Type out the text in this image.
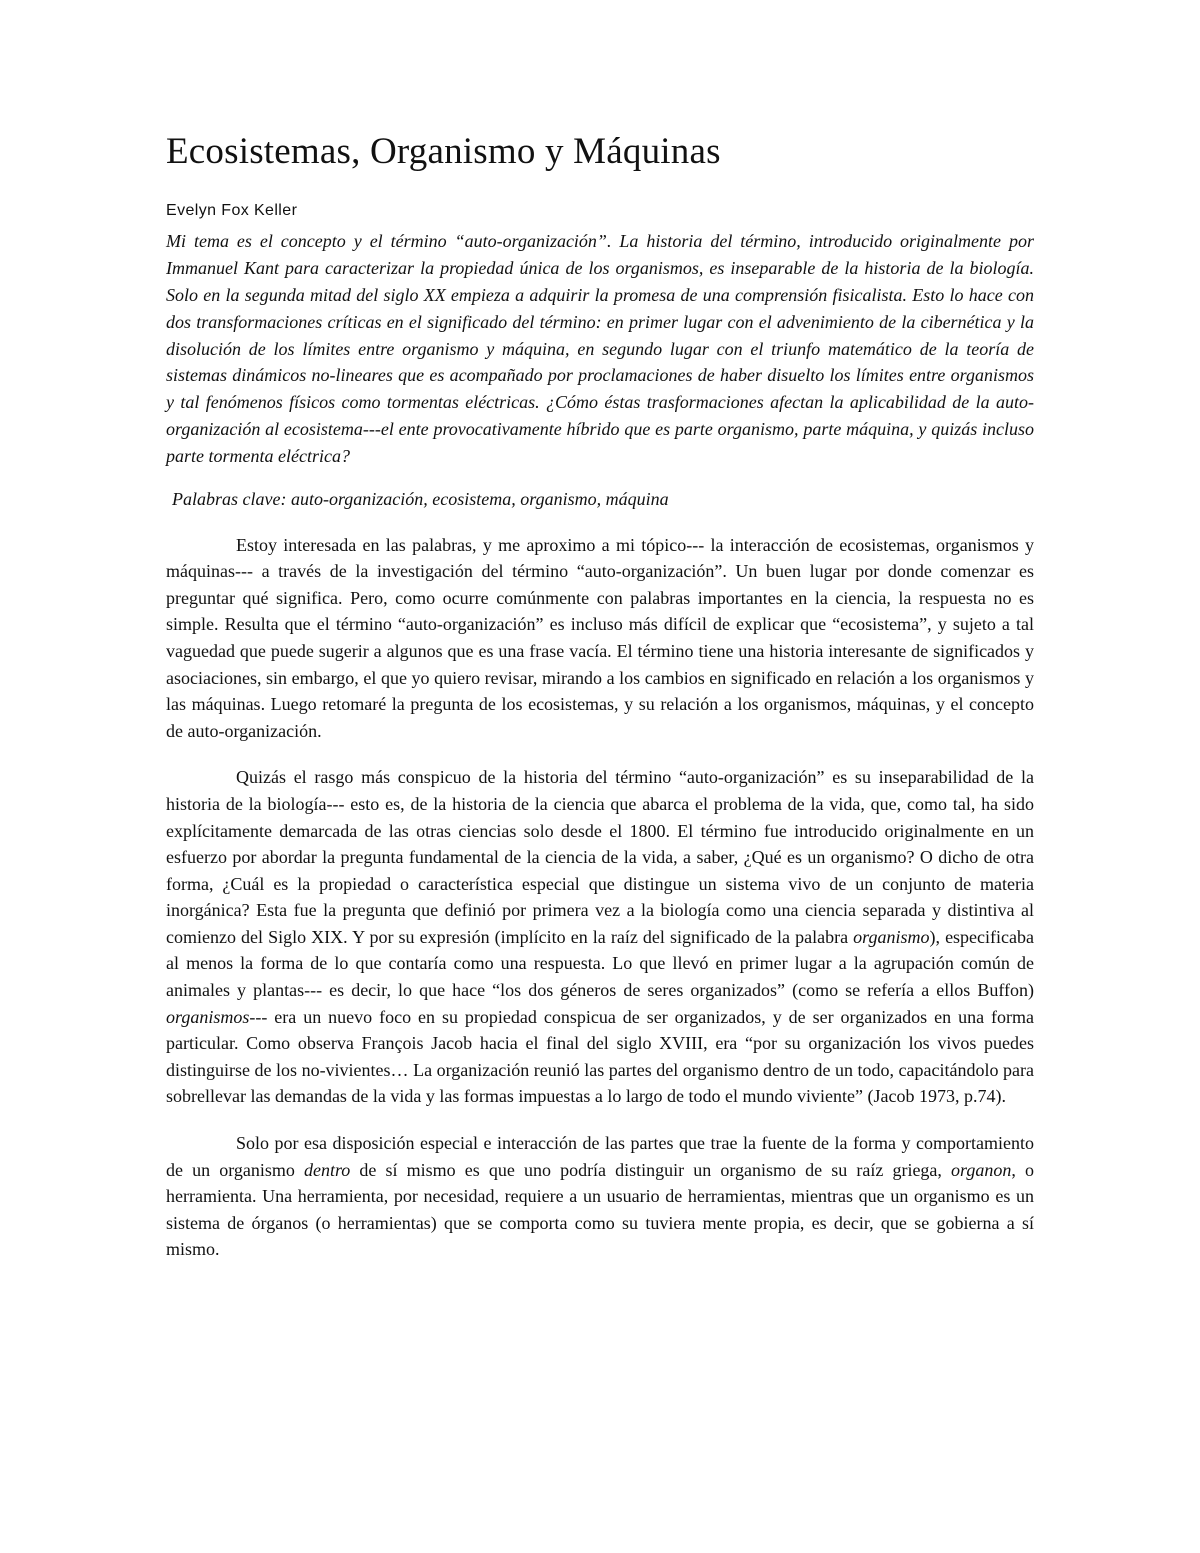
Ecosistemas, Organismo y Máquinas
Evelyn Fox Keller
Mi tema es el concepto y el término “auto-organización”. La historia del término, introducido originalmente por Immanuel Kant para caracterizar la propiedad única de los organismos, es inseparable de la historia de la biología. Solo en la segunda mitad del siglo XX empieza a adquirir la promesa de una comprensión fisicalista. Esto lo hace con dos transformaciones críticas en el significado del término: en primer lugar con el advenimiento de la cibernética y la disolución de los límites entre organismo y máquina, en segundo lugar con el triunfo matemático de la teoría de sistemas dinámicos no-lineares que es acompañado por proclamaciones de haber disuelto los límites entre organismos y tal fenómenos físicos como tormentas eléctricas. ¿Cómo éstas trasformaciones afectan la aplicabilidad de la auto-organización al ecosistema---el ente provocativamente híbrido que es parte organismo, parte máquina, y quizás incluso parte tormenta eléctrica?
Palabras clave: auto-organización, ecosistema, organismo, máquina

Estoy interesada en las palabras, y me aproximo a mi tópico--- la interacción de ecosistemas, organismos y máquinas--- a través de la investigación del término “auto-organización”. Un buen lugar por donde comenzar es preguntar qué significa. Pero, como ocurre comúnmente con palabras importantes en la ciencia, la respuesta no es simple. Resulta que el término “auto-organización” es incluso más difícil de explicar que “ecosistema”, y sujeto a tal vaguedad que puede sugerir a algunos que es una frase vacía. El término tiene una historia interesante de significados y asociaciones, sin embargo, el que yo quiero revisar, mirando a los cambios en significado en relación a los organismos y las máquinas. Luego retomaré la pregunta de los ecosistemas, y su relación a los organismos, máquinas, y el concepto de auto-organización.

Quizás el rasgo más conspicuo de la historia del término “auto-organización” es su inseparabilidad de la historia de la biología--- esto es, de la historia de la ciencia que abarca el problema de la vida, que, como tal, ha sido explícitamente demarcada de las otras ciencias solo desde el 1800. El término fue introducido originalmente en un esfuerzo por abordar la pregunta fundamental de la ciencia de la vida, a saber, ¿Qué es un organismo? O dicho de otra forma, ¿Cuál es la propiedad o característica especial que distingue un sistema vivo de un conjunto de materia inorgánica? Esta fue la pregunta que definió por primera vez a la biología como una ciencia separada y distintiva al comienzo del Siglo XIX. Y por su expresión (implícito en la raíz del significado de la palabra organismo), especificaba al menos la forma de lo que contaría como una respuesta. Lo que llevó en primer lugar a la agrupación común de animales y plantas--- es decir, lo que hace “los dos géneros de seres organizados” (como se refería a ellos Buffon) organismos--- era un nuevo foco en su propiedad conspicua de ser organizados, y de ser organizados en una forma particular. Como observa François Jacob hacia el final del siglo XVIII, era “por su organización los vivos puedes distinguirse de los no-vivientes… La organización reunió las partes del organismo dentro de un todo, capacitándolo para sobrellevar las demandas de la vida y las formas impuestas a lo largo de todo el mundo viviente” (Jacob 1973, p.74).

Solo por esa disposición especial e interacción de las partes que trae la fuente de la forma y comportamiento de un organismo dentro de sí mismo es que uno podría distinguir un organismo de su raíz griega, organon, o herramienta. Una herramienta, por necesidad, requiere a un usuario de herramientas, mientras que un organismo es un sistema de órganos (o herramientas) que se comporta como su tuviera mente propia, es decir, que se gobierna a sí mismo.
